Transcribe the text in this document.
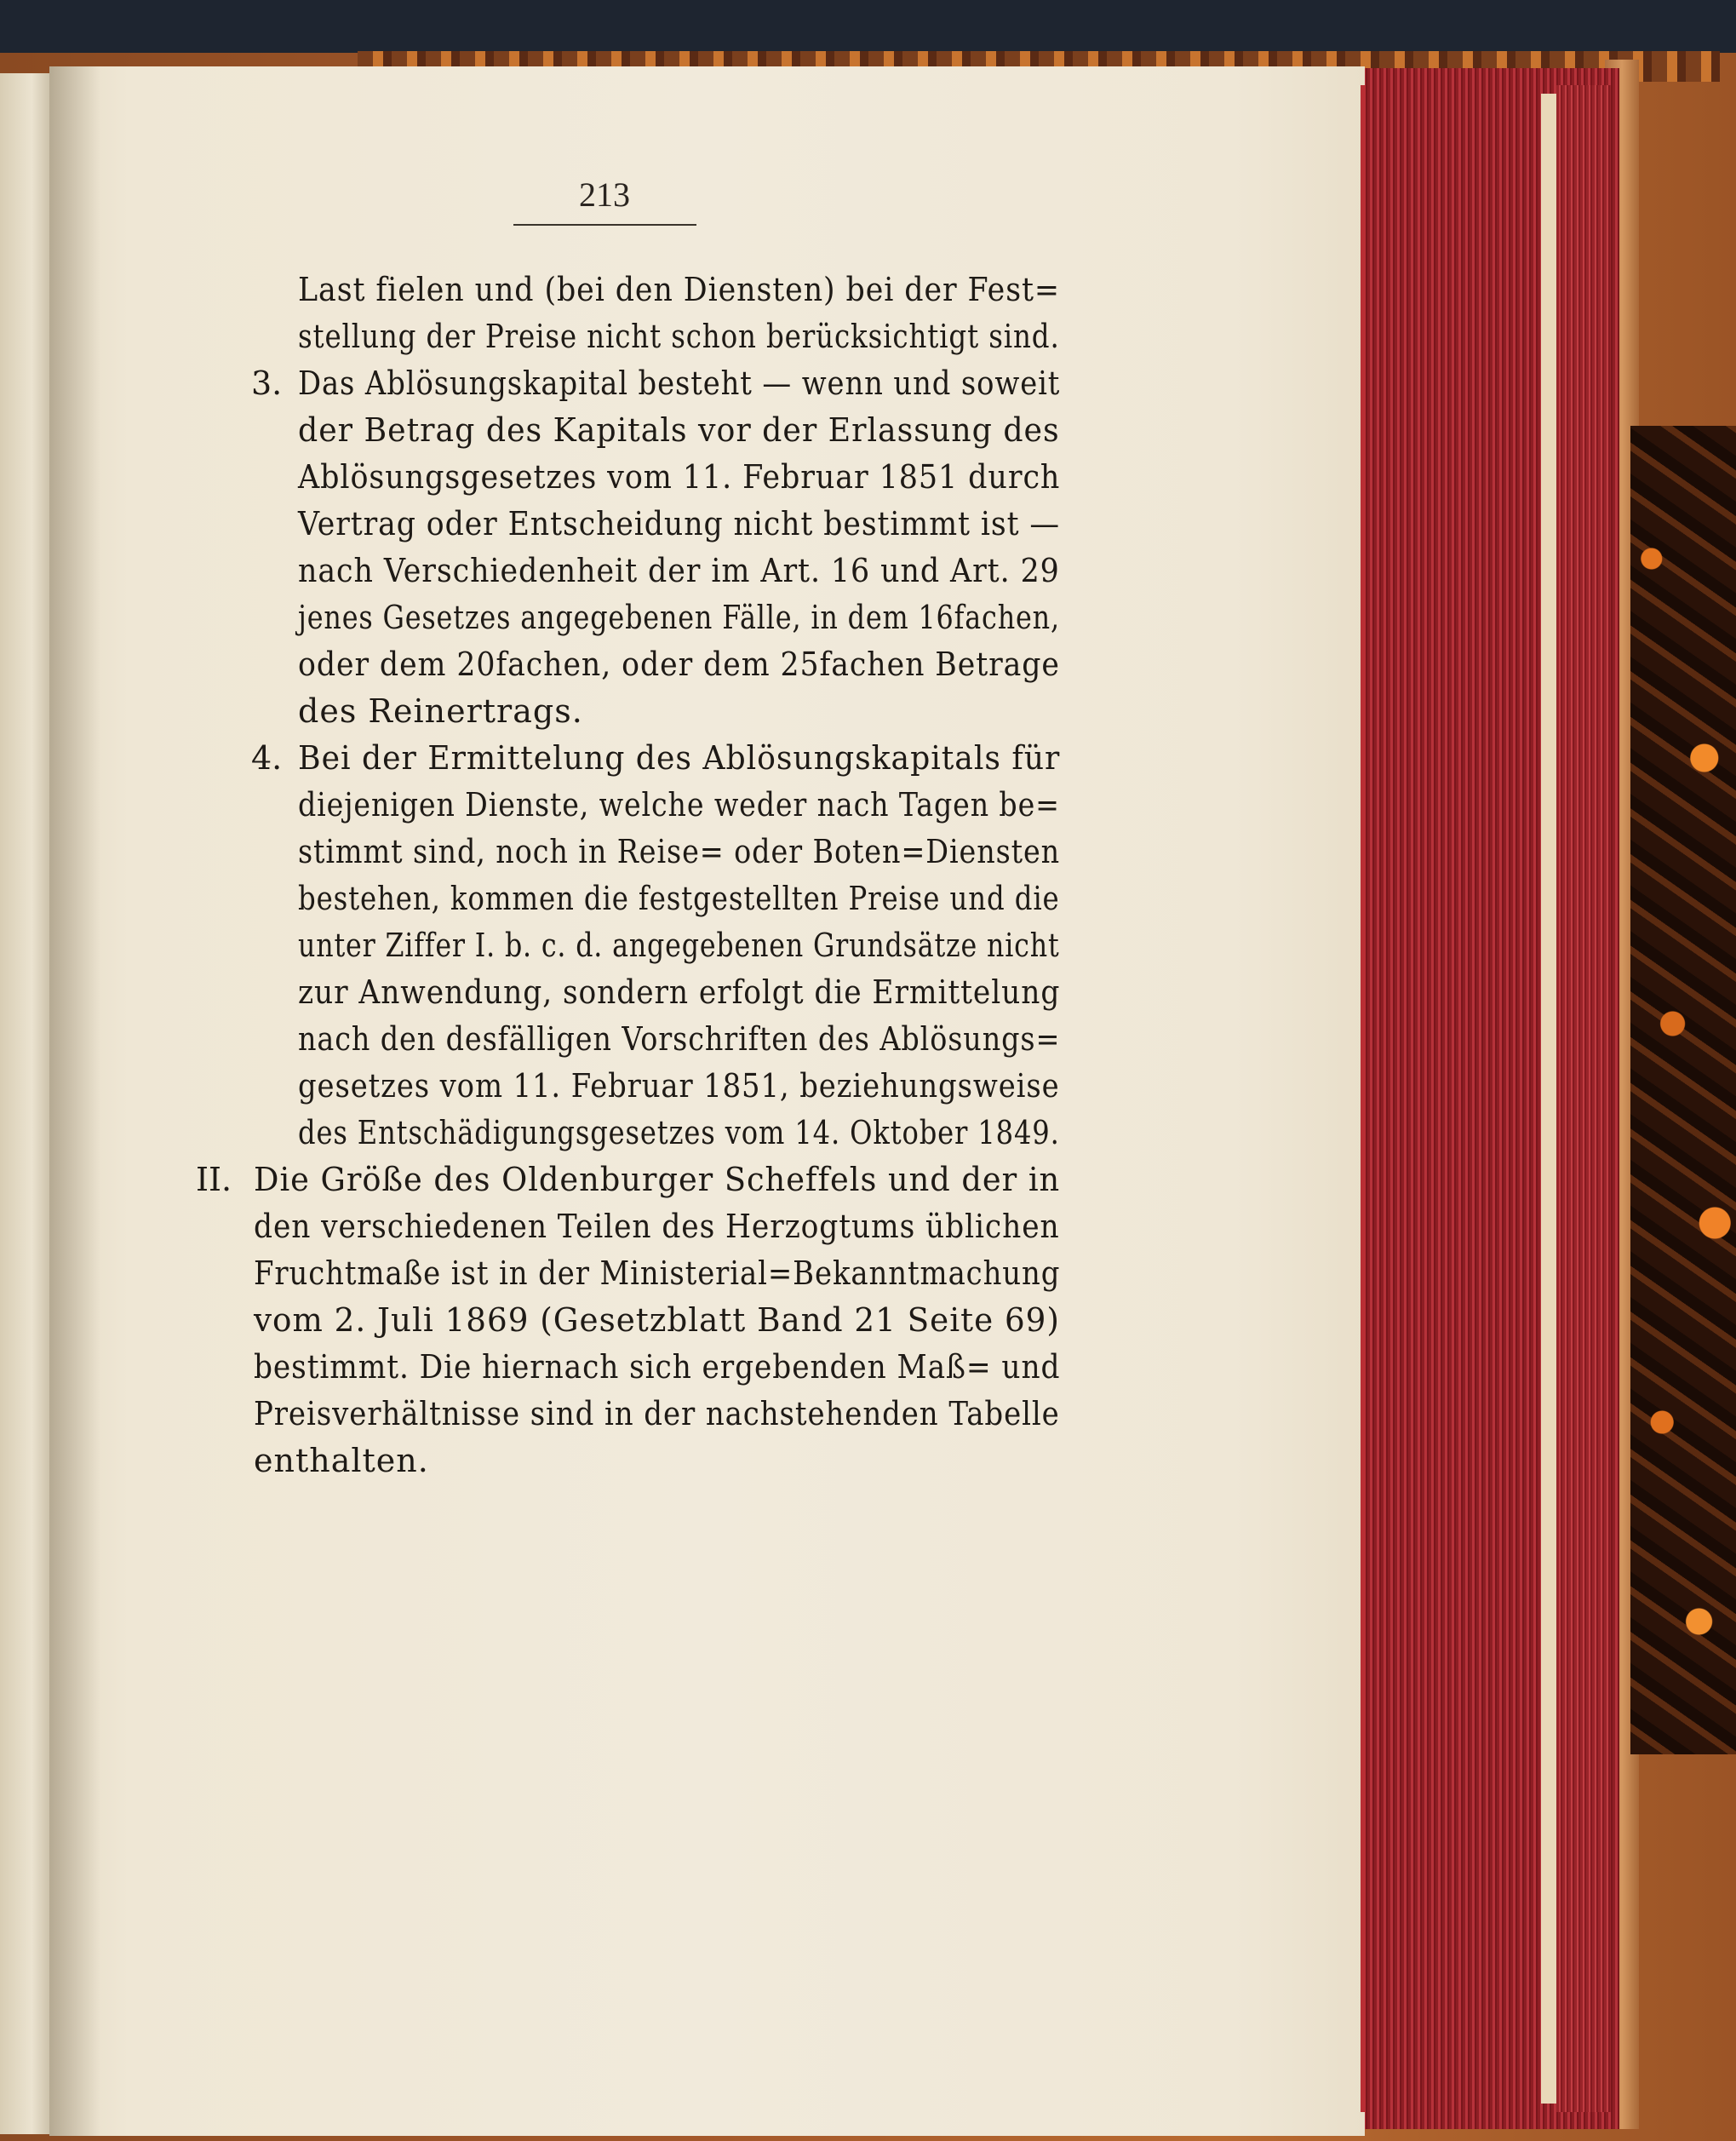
213
Last fielen und (bei den Diensten) bei der Fest=
stellung der Preise nicht schon berücksichtigt sind.
3. Das Ablösungskapital besteht — wenn und soweit
der Betrag des Kapitals vor der Erlassung des
Ablösungsgesetzes vom 11. Februar 1851 durch
Vertrag oder Entscheidung nicht bestimmt ist —
nach Verschiedenheit der im Art. 16 und Art. 29
jenes Gesetzes angegebenen Fälle, in dem 16fachen,
oder dem 20fachen, oder dem 25fachen Betrage
des Reinertrags.
4. Bei der Ermittelung des Ablösungskapitals für
diejenigen Dienste, welche weder nach Tagen be=
stimmt sind, noch in Reise= oder Boten=Diensten
bestehen, kommen die festgestellten Preise und die
unter Ziffer I. b. c. d. angegebenen Grundsätze nicht
zur Anwendung, sondern erfolgt die Ermittelung
nach den desfälligen Vorschriften des Ablösungs=
gesetzes vom 11. Februar 1851, beziehungsweise
des Entschädigungsgesetzes vom 14. Oktober 1849.
II. Die Größe des Oldenburger Scheffels und der in
den verschiedenen Teilen des Herzogtums üblichen
Fruchtmaße ist in der Ministerial=Bekanntmachung
vom 2. Juli 1869 (Gesetzblatt Band 21 Seite 69)
bestimmt. Die hiernach sich ergebenden Maß= und
Preisverhältnisse sind in der nachstehenden Tabelle
enthalten.
